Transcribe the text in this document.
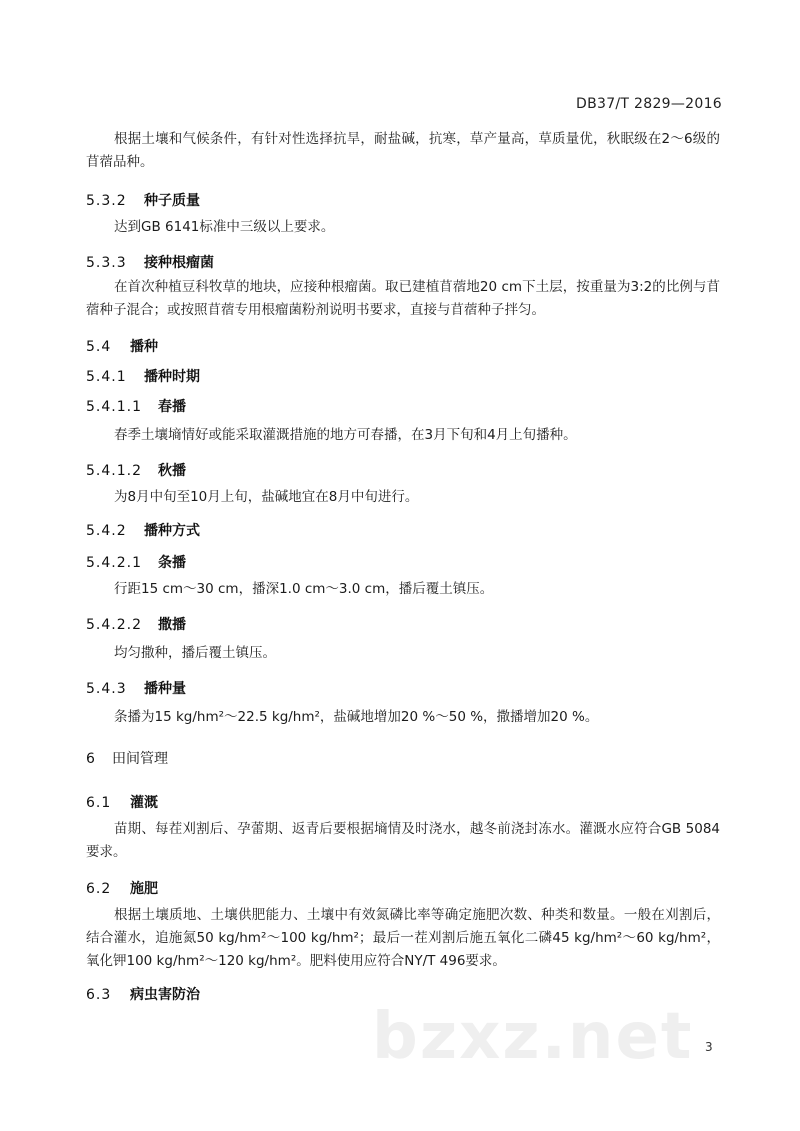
DB37/T 2829—2016
根据土壤和气候条件，有针对性选择抗旱，耐盐碱，抗寒，草产量高，草质量优，秋眠级在2～6级的苜蓿品种。
5.3.2 种子质量
达到GB 6141标准中三级以上要求。
5.3.3 接种根瘤菌
在首次种植豆科牧草的地块，应接种根瘤菌。取已建植苜蓿地20 cm下土层，按重量为3:2的比例与苜蓿种子混合；或按照苜蓿专用根瘤菌粉剂说明书要求，直接与苜蓿种子拌匀。
5.4 播种
5.4.1 播种时期
5.4.1.1 春播
春季土壤墒情好或能采取灌溉措施的地方可春播，在3月下旬和4月上旬播种。
5.4.1.2 秋播
为8月中旬至10月上旬，盐碱地宜在8月中旬进行。
5.4.2 播种方式
5.4.2.1 条播
行距15 cm～30 cm，播深1.0 cm～3.0 cm，播后覆土镇压。
5.4.2.2 撒播
均匀撒种，播后覆土镇压。
5.4.3 播种量
条播为15 kg/hm²～22.5 kg/hm²，盐碱地增加20 %～50 %，撒播增加20 %。
6 田间管理
6.1 灌溉
苗期、每茬刈割后、孕蕾期、返青后要根据墒情及时浇水，越冬前浇封冻水。灌溉水应符合GB 5084要求。
6.2 施肥
根据土壤质地、土壤供肥能力、土壤中有效氮磷比率等确定施肥次数、种类和数量。一般在刈割后，结合灌水，追施氮50 kg/hm²～100 kg/hm²；最后一茬刈割后施五氧化二磷45 kg/hm²～60 kg/hm²，氧化钾100 kg/hm²～120 kg/hm²。肥料使用应符合NY/T 496要求。
6.3 病虫害防治
bzxz.net 3
